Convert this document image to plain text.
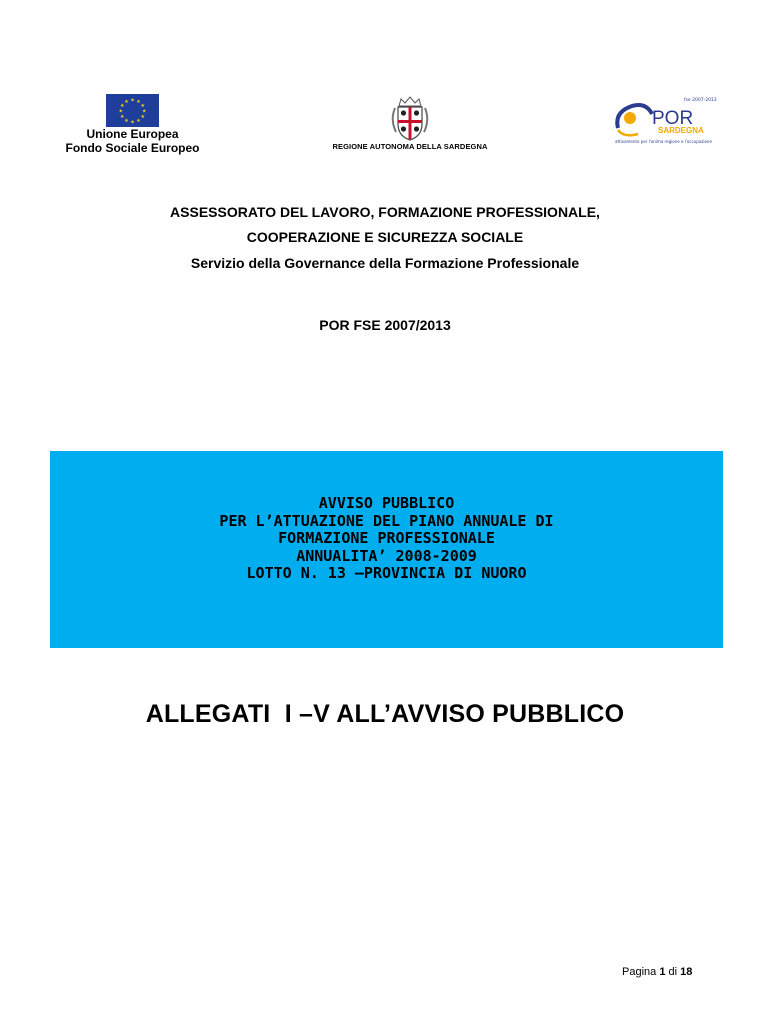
★ ★
★
★
★
★
★
★
★
★
★
★
Unione Europea
Fondo Sociale Europeo	REGIONE AUTONOMA DELLA SARDEGNA
fse 2007-2013
POR
SARDEGNA
attivamente per l'anima regione e l'occupazione
ASSESSORATO DEL LAVORO, FORMAZIONE PROFESSIONALE,
COOPERAZIONE E SICUREZZA SOCIALE
Servizio della Governance della Formazione Professionale
POR FSE 2007/2013
AVVISO PUBBLICO
PER L’ATTUAZIONE DEL PIANO ANNUALE DI
FORMAZIONE PROFESSIONALE
ANNUALITA’ 2008-2009
LOTTO N. 13 –PROVINCIA DI NUORO
ALLEGATI  I –V ALL’AVVISO PUBBLICO
Pagina 1 di 18
